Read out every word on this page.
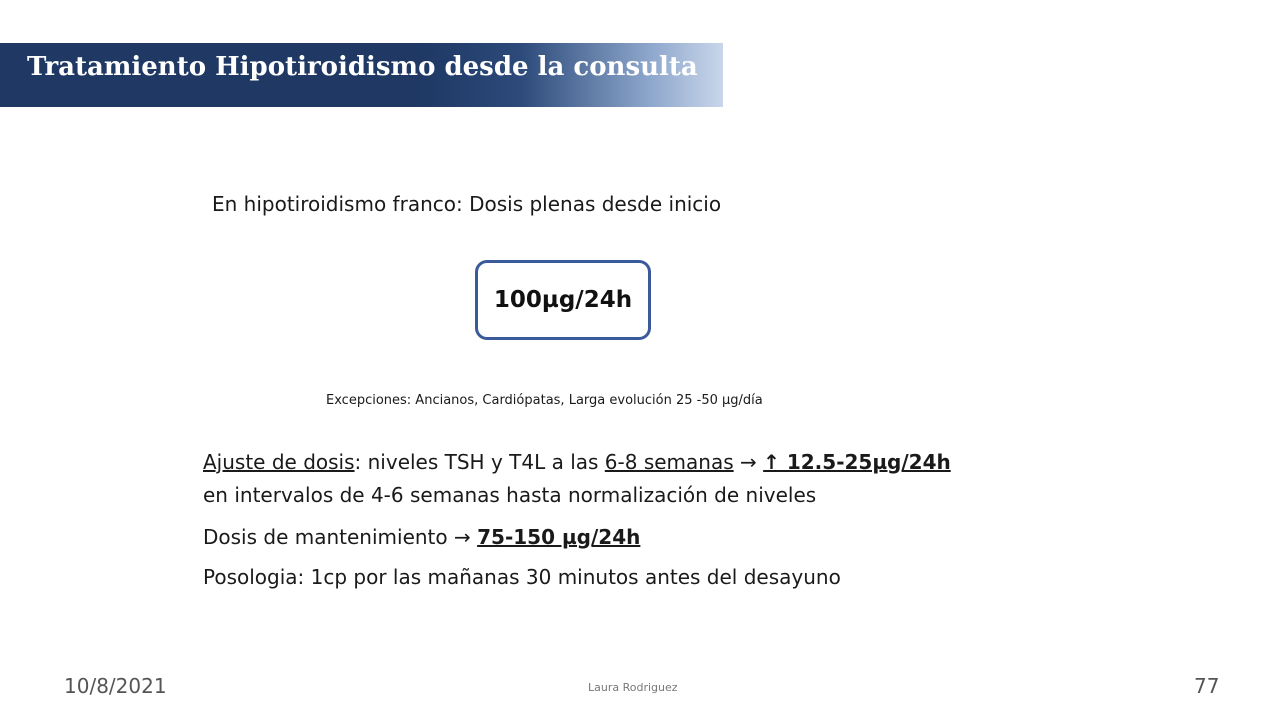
Tratamiento Hipotiroidismo desde la consulta
En hipotiroidismo franco: Dosis plenas desde inicio
100µg/24h
Excepciones: Ancianos, Cardiópatas, Larga evolución 25 -50 µg/día
Ajuste de dosis: niveles TSH y T4L a las 6-8 semanas → ↑ 12.5-25µg/24h
en intervalos de 4-6 semanas hasta normalización de niveles
Dosis de mantenimiento → 75-150 µg/24h
Posologia: 1cp por las mañanas 30 minutos antes del desayuno
10/8/2021	Laura Rodriguez	77
